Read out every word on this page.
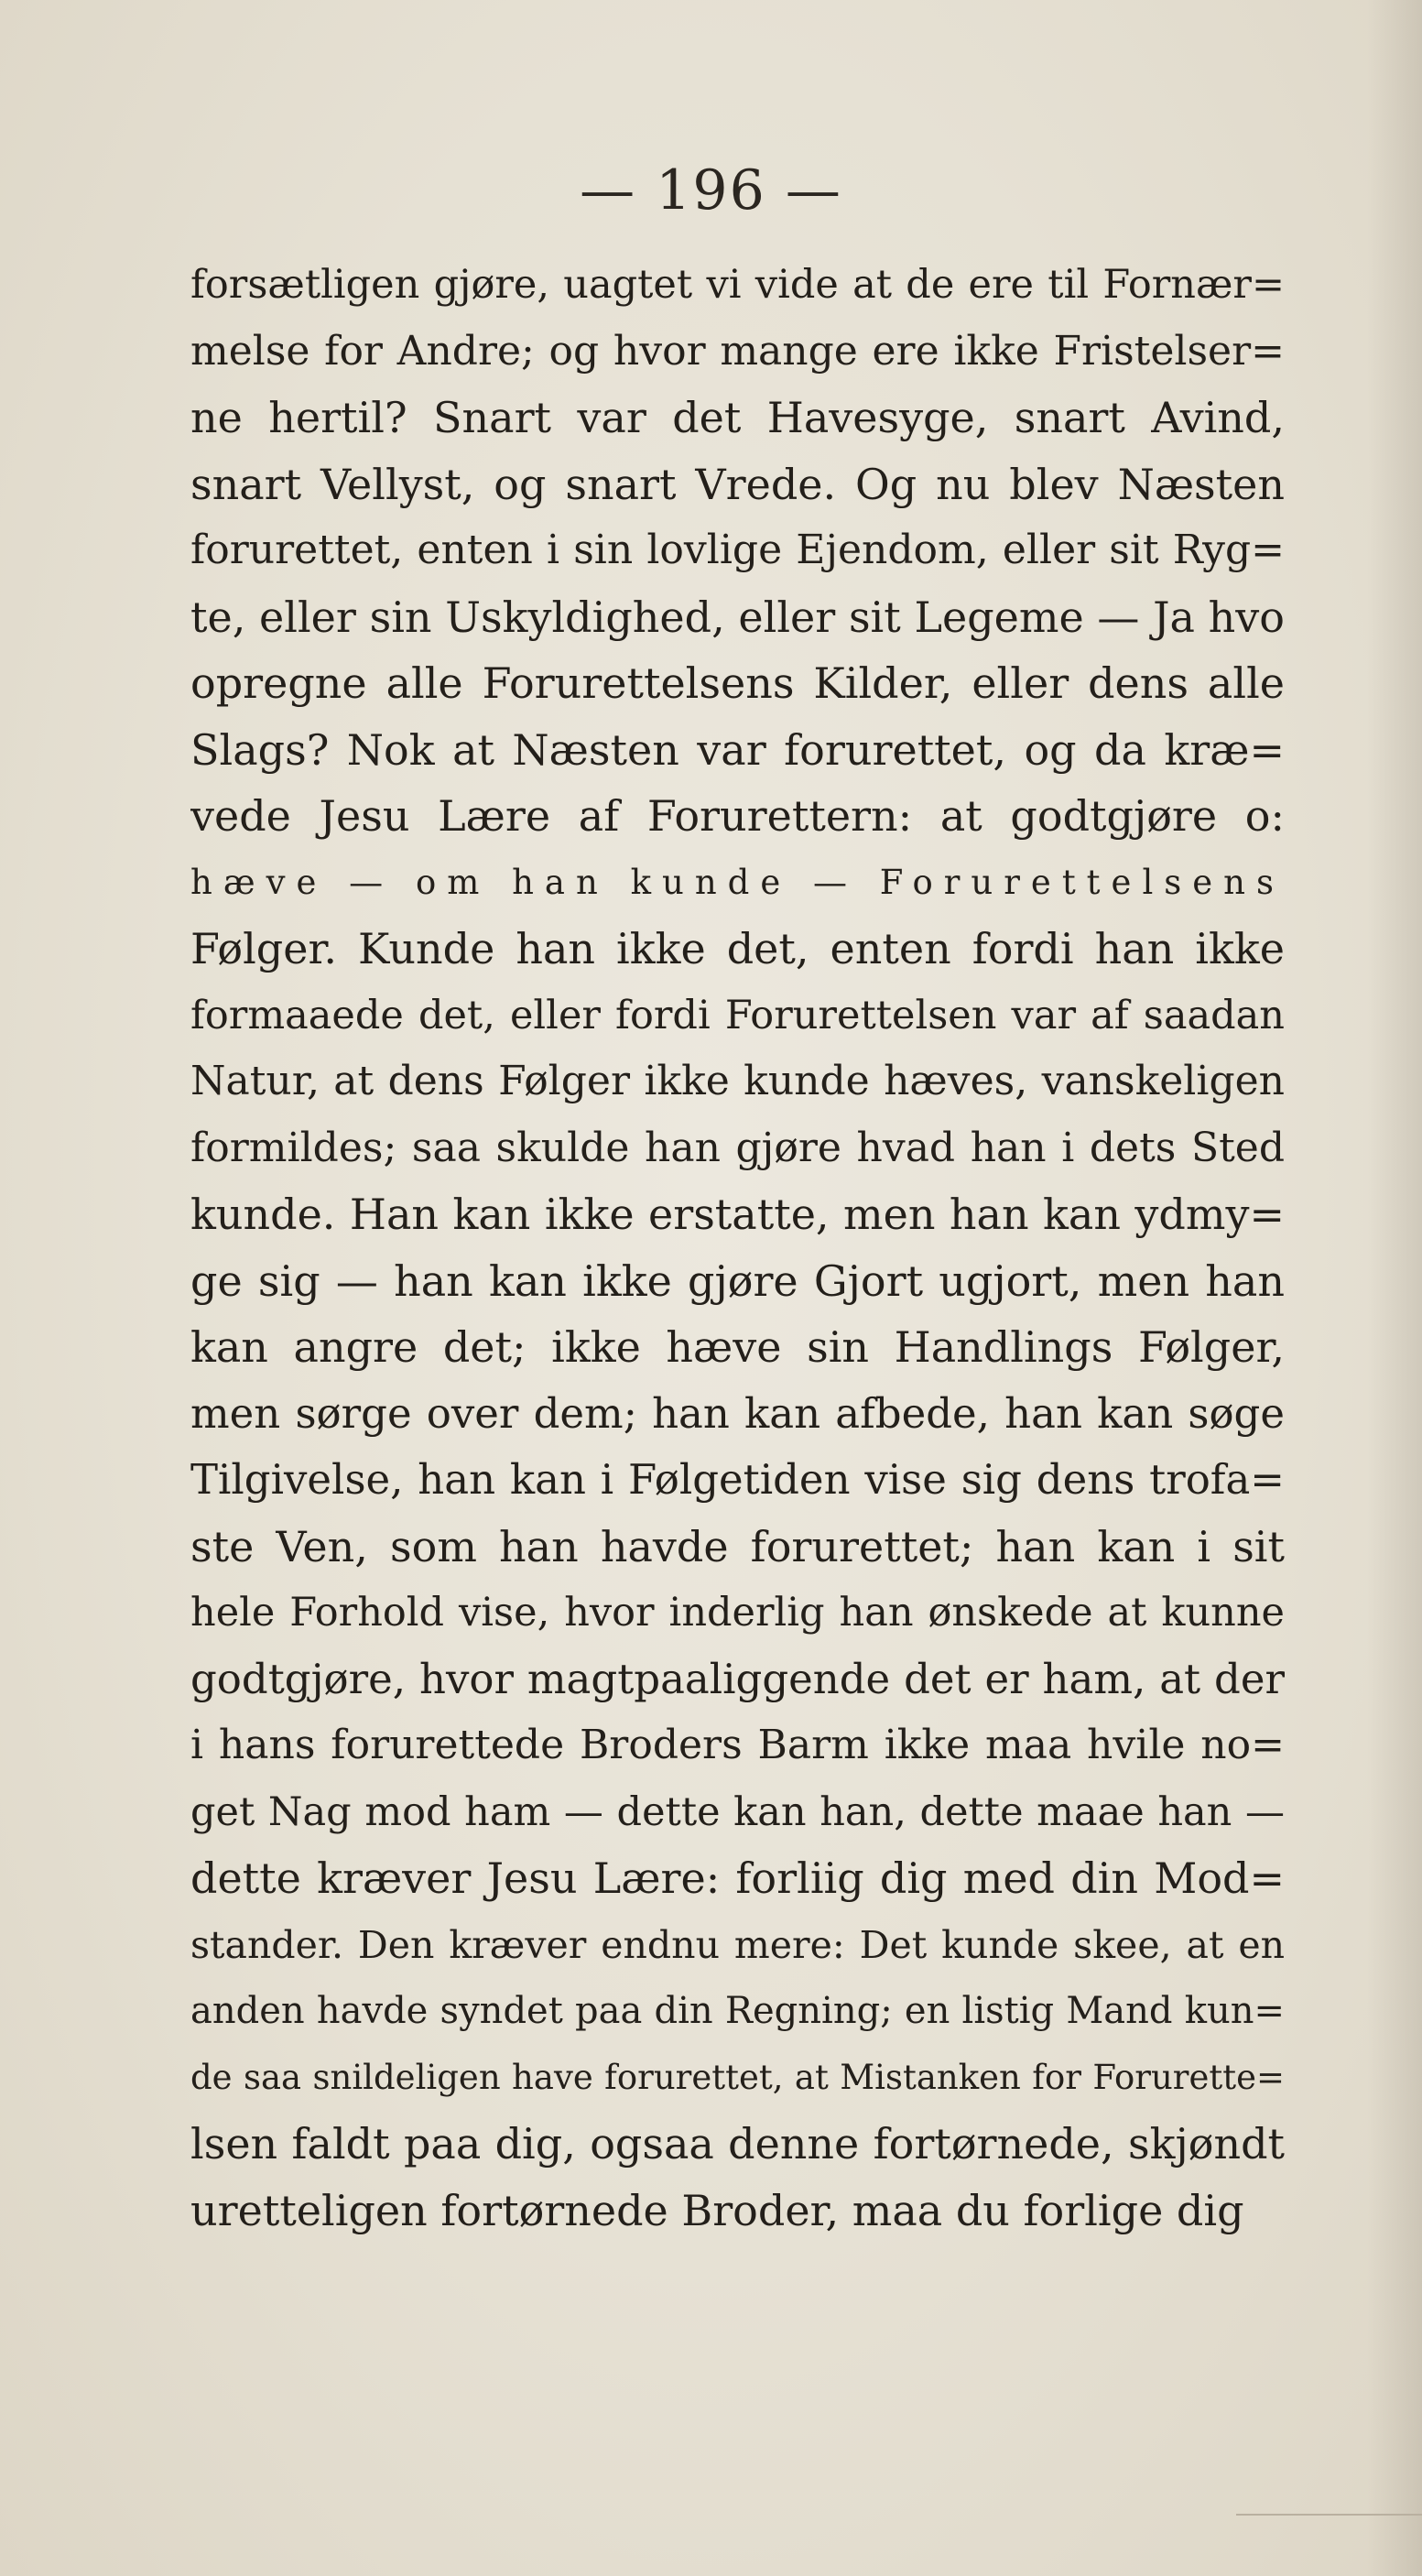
— 196 —
forsætligen gjøre, uagtet vi vide at de ere til Fornær=
melse for Andre; og hvor mange ere ikke Fristelser=
ne hertil? Snart var det Havesyge, snart Avind,
snart Vellyst, og snart Vrede. Og nu blev Næsten
forurettet, enten i sin lovlige Ejendom, eller sit Ryg=
te, eller sin Uskyldighed, eller sit Legeme — Ja hvo
opregne alle Forurettelsens Kilder, eller dens alle
Slags? Nok at Næsten var forurettet, og da kræ=
vede Jesu Lære af Forurettern: at godtgjøre o:
hæve — om han kunde — Forurettelsens
Følger. Kunde han ikke det, enten fordi han ikke
formaaede det, eller fordi Forurettelsen var af saadan
Natur, at dens Følger ikke kunde hæves, vanskeligen
formildes; saa skulde han gjøre hvad han i dets Sted
kunde. Han kan ikke erstatte, men han kan ydmy=
ge sig — han kan ikke gjøre Gjort ugjort, men han
kan angre det; ikke hæve sin Handlings Følger,
men sørge over dem; han kan afbede, han kan søge
Tilgivelse, han kan i Følgetiden vise sig dens trofa=
ste Ven, som han havde forurettet; han kan i sit
hele Forhold vise, hvor inderlig han ønskede at kunne
godtgjøre, hvor magtpaaliggende det er ham, at der
i hans forurettede Broders Barm ikke maa hvile no=
get Nag mod ham — dette kan han, dette maae han —
dette kræver Jesu Lære: forliig dig med din Mod=
stander. Den kræver endnu mere: Det kunde skee, at en
anden havde syndet paa din Regning; en listig Mand kun=
de saa snildeligen have forurettet, at Mistanken for Forurette=
lsen faldt paa dig, ogsaa denne fortørnede, skjøndt
uretteligen fortørnede Broder, maa du forlige dig
